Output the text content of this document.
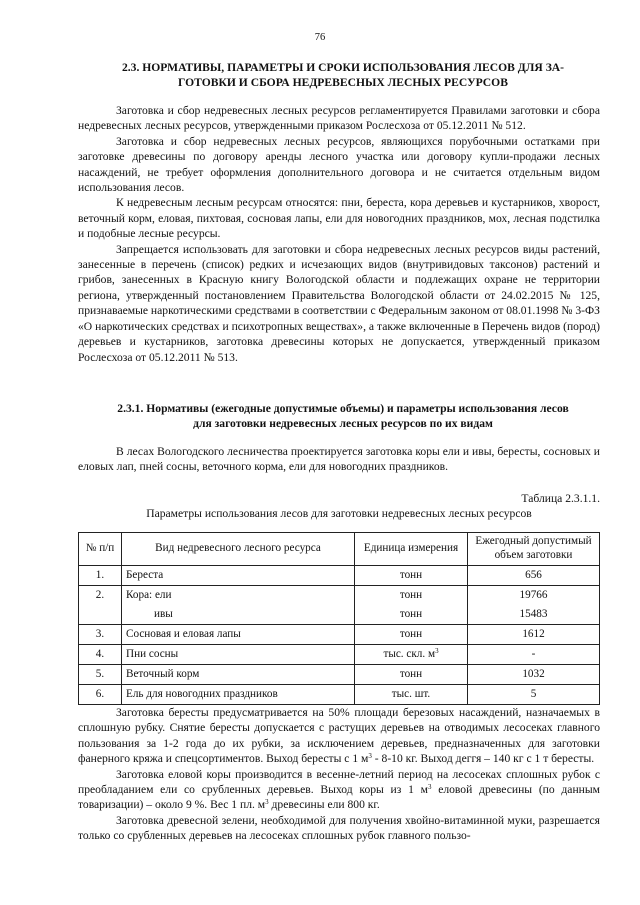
76
2.3. НОРМАТИВЫ, ПАРАМЕТРЫ И СРОКИ ИСПОЛЬЗОВАНИЯ ЛЕСОВ ДЛЯ ЗА-
ГОТОВКИ И СБОРА НЕДРЕВЕСНЫХ ЛЕСНЫХ РЕСУРСОВ

Заготовка и сбор недревесных лесных ресурсов регламентируется Правилами заготовки и сбора недревесных лесных ресурсов, утвержденными приказом Рослесхоза от 05.12.2011 № 512.

Заготовка и сбор недревесных лесных ресурсов, являющихся порубочными остатками при заготовке древесины по договору аренды лесного участка или договору купли-продажи лесных насаждений, не требует оформления дополнительного договора и не считается отдельным видом использования лесов.

К недревесным лесным ресурсам относятся: пни, береста, кора деревьев и кустарников, хворост, веточный корм, еловая, пихтовая, сосновая лапы, ели для новогодних праздников, мох, лесная подстилка и подобные лесные ресурсы.

Запрещается использовать для заготовки и сбора недревесных лесных ресурсов виды растений, занесенные в перечень (список) редких и исчезающих видов (внутривидовых таксонов) растений и грибов, занесенных в Красную книгу Вологодской области и подлежащих охране не территории региона, утвержденный постановлением Правительства Вологодской области от 24.02.2015 № 125, признаваемые наркотическими средствами в соответствии с Федеральным законом от 08.01.1998 № 3-ФЗ «О наркотических средствах и психотропных веществах», а также включенные в Перечень видов (пород) деревьев и кустарников, заготовка древесины которых не допускается, утвержденный приказом Рослесхоза от 05.12.2011 № 513.

2.3.1. Нормативы (ежегодные допустимые объемы) и параметры использования лесов
для заготовки недревесных лесных ресурсов по их видам

В лесах Вологодского лесничества проектируется заготовка коры ели и ивы, бересты, сосновых и еловых лап, пней сосны, веточного корма, ели для новогодних праздников.

Таблица 2.3.1.1.
Параметры использования лесов для заготовки недревесных лесных ресурсов
№ п/п	Вид недревесного лесного ресурса	Единица измерения	Ежегодный допустимый объем заготовки
1.	Береста	тонн	656
2.	Кора: ели	тонн	19766
	ивы	тонн	15483
3.	Сосновая и еловая лапы	тонн	1612
4.	Пни сосны	тыс. скл. $м^3$	-
5.	Веточный корм	тонн	1032
6.	Ель для новогодних праздников	тыс. шт.	5

Заготовка бересты предусматривается на 50% площади березовых насаждений, назначаемых в сплошную рубку. Снятие бересты допускается с растущих деревьев на отводимых лесосеках главного пользования за 1-2 года до их рубки, за исключением деревьев, предназначенных для заготовки фанерного кряжа и спецсортиментов. Выход бересты с 1 $м^3 - 8-10$ кг. Выход деггя – 140 кг с 1 т бересты.

Заготовка еловой коры производится в весенне-летний период на лесосеках сплошных рубок с преобладанием ели со срубленных деревьев. Выход коры из 1 $м^3$ еловой древесины (по данным товаризации) – около 9 %. Вес 1 пл. $м^3$ древесины ели 800 кг.

Заготовка древесной зелени, необходимой для получения хвойно-витаминной муки, разрешается только со срубленных деревьев на лесосеках сплошных рубок главного пользо-
